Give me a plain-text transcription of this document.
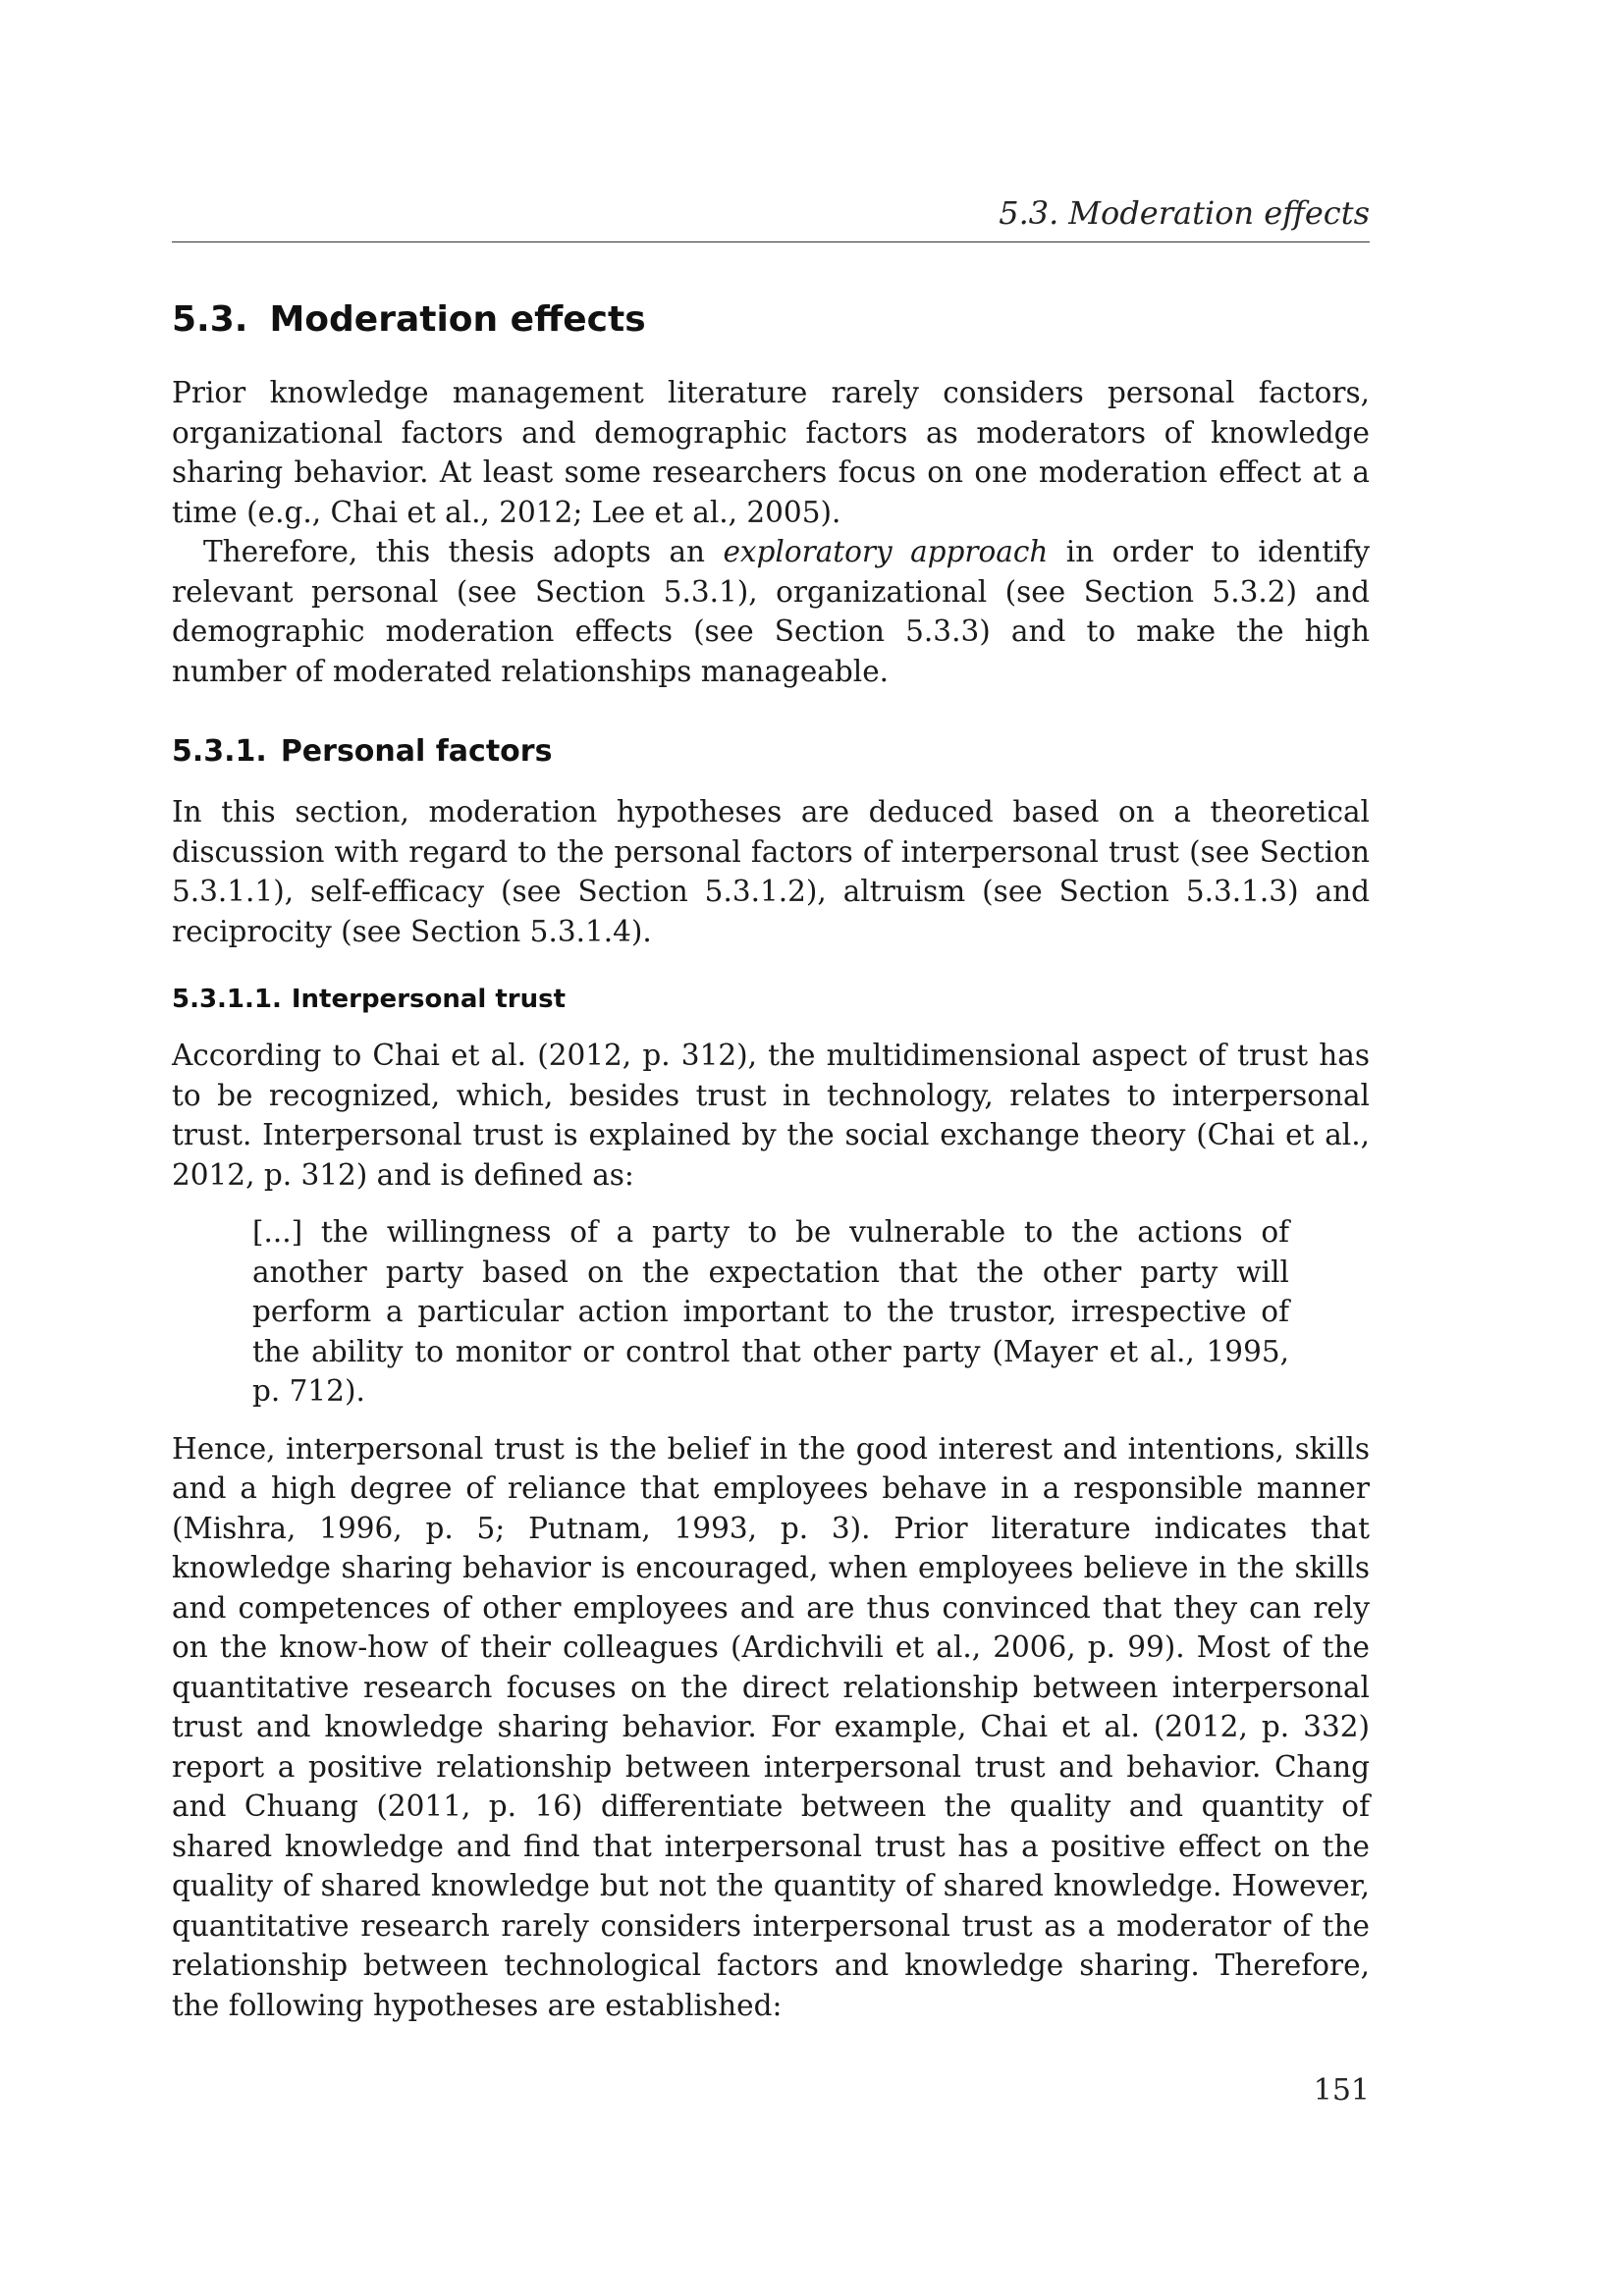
5.3. Moderation effects
5.3. Moderation effects

Prior knowledge management literature rarely considers personal factors, organizational factors and demographic factors as moderators of knowledge sharing behavior. At least some researchers focus on one moderation effect at a time (e.g., Chai et al., 2012; Lee et al., 2005).

Therefore, this thesis adopts an exploratory approach in order to identify relevant personal (see Section 5.3.1), organizational (see Section 5.3.2) and demographic moderation effects (see Section 5.3.3) and to make the high number of moderated relationships manageable.

5.3.1. Personal factors

In this section, moderation hypotheses are deduced based on a theoretical discussion with regard to the personal factors of interpersonal trust (see Section 5.3.1.1), self-efficacy (see Section 5.3.1.2), altruism (see Section 5.3.1.3) and reciprocity (see Section 5.3.1.4).

5.3.1.1. Interpersonal trust

According to Chai et al. (2012, p. 312), the multidimensional aspect of trust has to be recognized, which, besides trust in technology, relates to interpersonal trust. Interpersonal trust is explained by the social exchange theory (Chai et al., 2012, p. 312) and is defined as:

[...] the willingness of a party to be vulnerable to the actions of another party based on the expectation that the other party will perform a particular action important to the trustor, irrespective of the ability to monitor or control that other party (Mayer et al., 1995, p. 712).

Hence, interpersonal trust is the belief in the good interest and intentions, skills and a high degree of reliance that employees behave in a responsible manner (Mishra, 1996, p. 5; Putnam, 1993, p. 3). Prior literature indicates that knowledge sharing behavior is encouraged, when employees believe in the skills and competences of other employees and are thus convinced that they can rely on the know-how of their colleagues (Ardichvili et al., 2006, p. 99). Most of the quantitative research focuses on the direct relationship between interpersonal trust and knowledge sharing behavior. For example, Chai et al. (2012, p. 332) report a positive relationship between interpersonal trust and behavior. Chang and Chuang (2011, p. 16) differentiate between the quality and quantity of shared knowledge and find that interpersonal trust has a positive effect on the quality of shared knowledge but not the quantity of shared knowledge. However, quantitative research rarely considers interpersonal trust as a moderator of the relationship between technological factors and knowledge sharing. Therefore, the following hypotheses are established:

151
